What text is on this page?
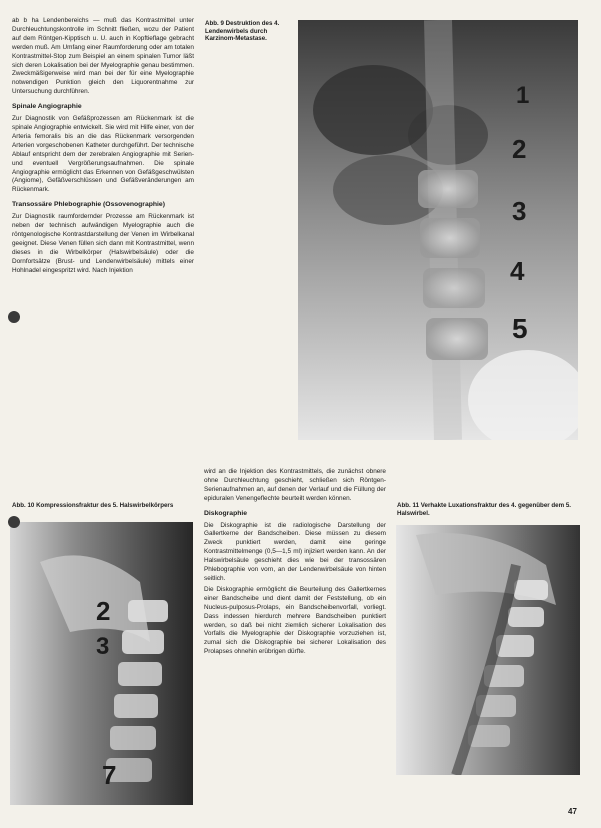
ab b ha Lendenbereichs — muß das Kontrastmittel unter Durchleuchtungskontrolle im Schnitt fließen, wozu der Patient auf dem Röntgen-Kipptisch u. U. auch in Kopftieflage gebracht werden muß. Am Umfang einer Raumforderung oder am totalen Kontrastmittel-Stop zum Beispiel an einem spinalen Tumor läßt sich deren Lokalisation bei der Myelographie genau bestimmen. Zweckmäßigerweise wird man bei der für eine Myelographie notwendigen Punktion gleich den Liquorentnahme zur Untersuchung durchführen.

Spinale Angiographie

Zur Diagnostik von Gefäßprozessen am Rückenmark ist die spinale Angiographie entwickelt. Sie wird mit Hilfe einer, von der Arteria femoralis bis an die das Rückenmark versorgenden Arterien vorgeschobenen Katheter durchgeführt. Der technische Ablauf entspricht dem der zerebralen Angiographie mit Serien- und eventuell Vergrößerungsaufnahmen. Die spinale Angiographie ermöglicht das Erkennen von Gefäßgeschwülsten (Angiome), Gefäßverschlüssen und Gefäßveränderungen am Rückenmark.

Transossäre Phlebographie (Ossovenographie)

Zur Diagnostik raumfordernder Prozesse am Rückenmark ist neben der technisch aufwändigen Myelographie auch die röntgenologische Kontrastdarstellung der Venen im Wirbelkanal geeignet. Diese Venen füllen sich dann mit Kontrastmittel, wenn dieses in die Wirbelkörper (Halswirbelsäule) oder die Dornfortsätze (Brust- und Lendenwirbelsäule) mittels einer Hohlnadel eingespritzt wird. Nach Injektion

Abb. 9 Destruktion des 4. Lendenwirbels durch Karzinom-Metastase.
1
2
3
4
5
Abb. 10 Kompressionsfraktur des 5. Halswirbelkörpers
2
3
7

wird an die Injektion des Kontrastmittels, die zunächst obnere ohne Durchleuchtung geschieht, schließen sich Röntgen-Serienaufnahmen an, auf denen der Verlauf und die Füllung der epiduralen Venengeflechte beurteilt werden können.

Diskographie

Die Diskographie ist die radiologische Darstellung der Gallertkerne der Bandscheiben. Diese müssen zu diesem Zweck punktiert werden, damit eine geringe Kontrastmittelmenge (0,5—1,5 ml) injiziert werden kann. An der Halswirbelsäule geschieht dies wie bei der transossären Phlebographie von vorn, an der Lendenwirbelsäule von hinten seitlich.

Die Diskographie ermöglicht die Beurteilung des Gallertkernes einer Bandscheibe und dient damit der Feststellung, ob ein Nucleus-pulposus-Prolaps, ein Bandscheibenvorfall, vorliegt. Dass indessen hierdurch mehrere Bandscheiben punktiert werden, so daß bei nicht ziemlich sicherer Lokalisation des Vorfalls die Myelographie der Diskographie vorzuziehen ist, zumal sich die Diskographie bei sicherer Lokalisation des Prolapses ohnehin erübrigen dürfte.

Abb. 11 Verhakte Luxationsfraktur des 4. gegenüber dem 5. Halswirbel.
47
